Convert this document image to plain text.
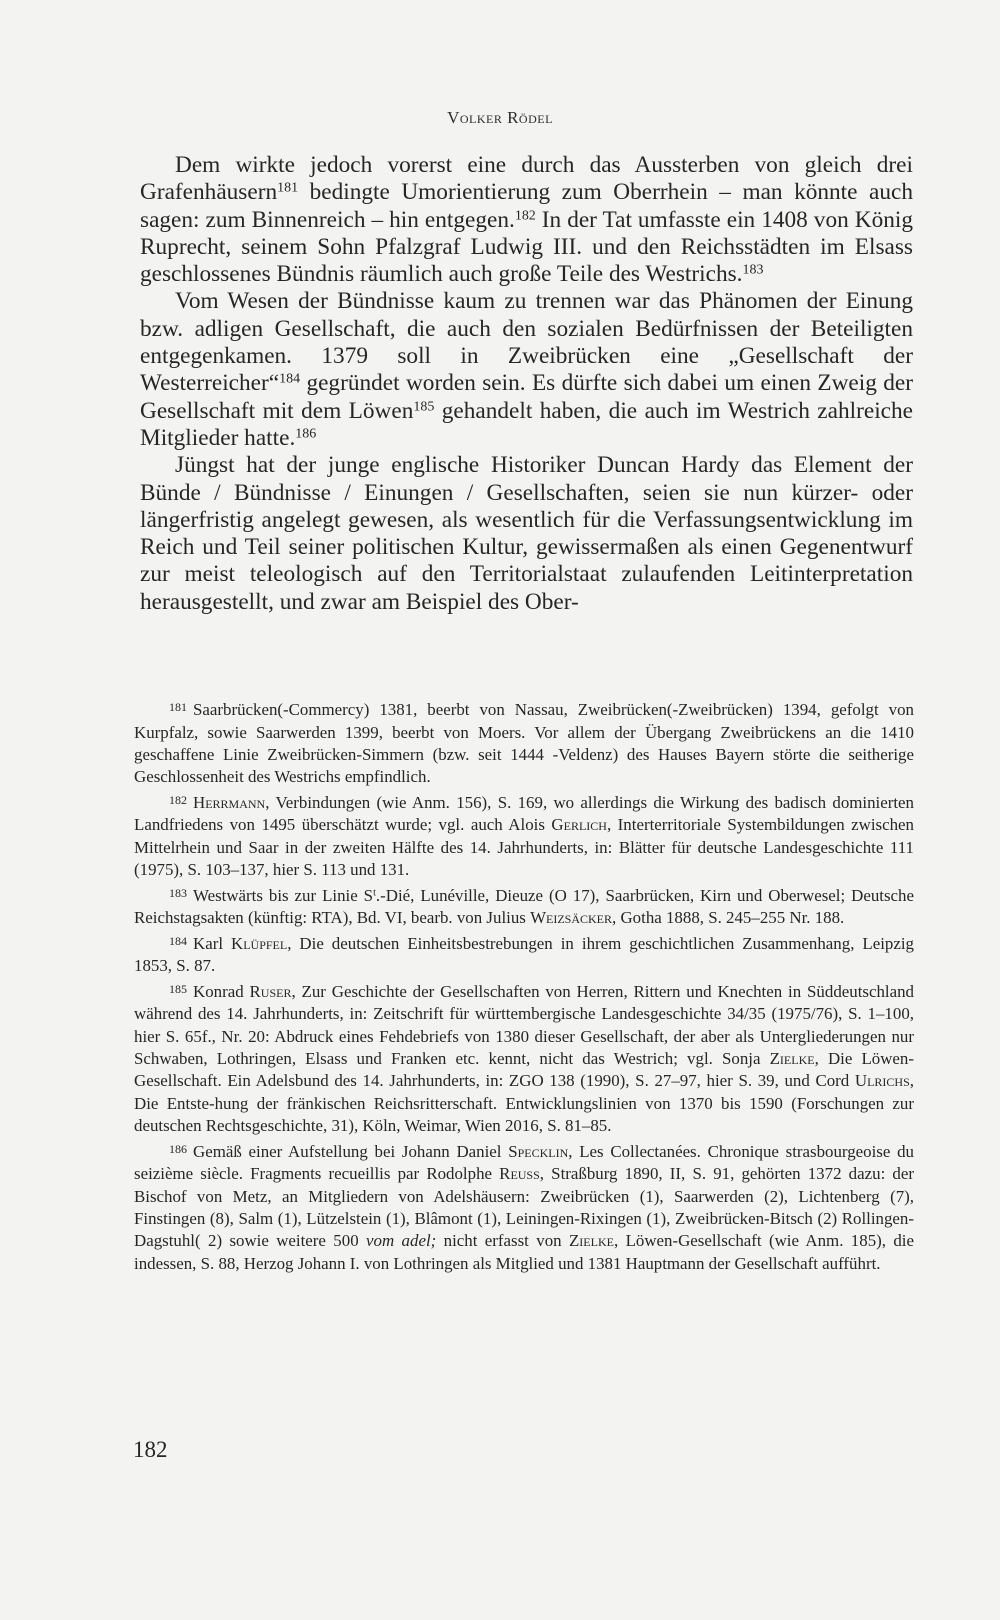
Volker Rödel

Dem wirkte jedoch vorerst eine durch das Aussterben von gleich drei Grafenhäusern$^{181}$ bedingte Umorientierung zum Oberrhein – man könnte auch sagen: zum Binnenreich – hin entgegen.$^{182}$ In der Tat umfasste ein 1408 von König Ruprecht, seinem Sohn Pfalzgraf Ludwig III. und den Reichsstädten im Elsass geschlossenes Bündnis räumlich auch große Teile des Westrichs.$^{183}$

Vom Wesen der Bündnisse kaum zu trennen war das Phänomen der Einung bzw. adligen Gesellschaft, die auch den sozialen Bedürfnissen der Beteiligten entgegenkamen. 1379 soll in Zweibrücken eine „Gesellschaft der Westerreicher“$^{184}$ gegründet worden sein. Es dürfte sich dabei um einen Zweig der Gesellschaft mit dem Löwen$^{185}$ gehandelt haben, die auch im Westrich zahlreiche Mitglieder hatte.$^{186}$

Jüngst hat der junge englische Historiker Duncan Hardy das Element der Bünde / Bündnisse / Einungen / Gesellschaften, seien sie nun kürzer- oder längerfristig angelegt gewesen, als wesentlich für die Verfassungsentwicklung im Reich und Teil seiner politischen Kultur, gewissermaßen als einen Gegenentwurf zur meist teleologisch auf den Territorialstaat zulaufenden Leitinterpretation herausgestellt, und zwar am Beispiel des Ober-

$^{181}$ Saarbrücken(-Commercy) 1381, beerbt von Nassau, Zweibrücken(-Zweibrücken) 1394, gefolgt von Kurpfalz, sowie Saarwerden 1399, beerbt von Moers. Vor allem der Übergang Zweibrückens an die 1410 geschaffene Linie Zweibrücken-Simmern (bzw. seit 1444 -Veldenz) des Hauses Bayern störte die seitherige Geschlossenheit des Westrichs empfindlich.

$^{182}$ Herrmann, Verbindungen (wie Anm. 156), S. 169, wo allerdings die Wirkung des badisch dominierten Landfriedens von 1495 überschätzt wurde; vgl. auch Alois Gerlich, Interterritoriale Systembildungen zwischen Mittelrhein und Saar in der zweiten Hälfte des 14. Jahrhunderts, in: Blätter für deutsche Landesgeschichte 111 (1975), S. 103–137, hier S. 113 und 131.

$^{183}$ Westwärts bis zur Linie $S^t$.-Dié, Lunéville, Dieuze (O 17), Saarbrücken, Kirn und Oberwesel; Deutsche Reichstagsakten (künftig: RTA), Bd. VI, bearb. von Julius Weizsäcker, Gotha 1888, S. 245–255 Nr. 188.

$^{184}$ Karl Klüpfel, Die deutschen Einheitsbestrebungen in ihrem geschichtlichen Zusammenhang, Leipzig 1853, S. 87.

$^{185}$ Konrad Ruser, Zur Geschichte der Gesellschaften von Herren, Rittern und Knechten in Süddeutschland während des 14. Jahrhunderts, in: Zeitschrift für württembergische Landesgeschichte 34/35 (1975/76), S. 1–100, hier S. 65f., Nr. 20: Abdruck eines Fehdebriefs von 1380 dieser Gesellschaft, der aber als Untergliederungen nur Schwaben, Lothringen, Elsass und Franken etc. kennt, nicht das Westrich; vgl. Sonja Zielke, Die Löwen-Gesellschaft. Ein Adelsbund des 14. Jahrhunderts, in: ZGO 138 (1990), S. 27–97, hier S. 39, und Cord Ulrichs, Die Entste-hung der fränkischen Reichsritterschaft. Entwicklungslinien von 1370 bis 1590 (Forschungen zur deutschen Rechtsgeschichte, 31), Köln, Weimar, Wien 2016, S. 81–85.

$^{186}$ Gemäß einer Aufstellung bei Johann Daniel Specklin, Les Collectanées. Chronique strasbourgeoise du seizième siècle. Fragments recueillis par Rodolphe Reuss, Straßburg 1890, II, S. 91, gehörten 1372 dazu: der Bischof von Metz, an Mitgliedern von Adelshäusern: Zweibrücken (1), Saarwerden (2), Lichtenberg (7), Finstingen (8), Salm (1), Lützelstein (1), Blâmont (1), Leiningen-Rixingen (1), Zweibrücken-Bitsch (2) Rollingen-Dagstuhl( 2) sowie weitere 500 vom adel; nicht erfasst von Zielke, Löwen-Gesellschaft (wie Anm. 185), die indessen, S. 88, Herzog Johann I. von Lothringen als Mitglied und 1381 Hauptmann der Gesellschaft aufführt.

182
